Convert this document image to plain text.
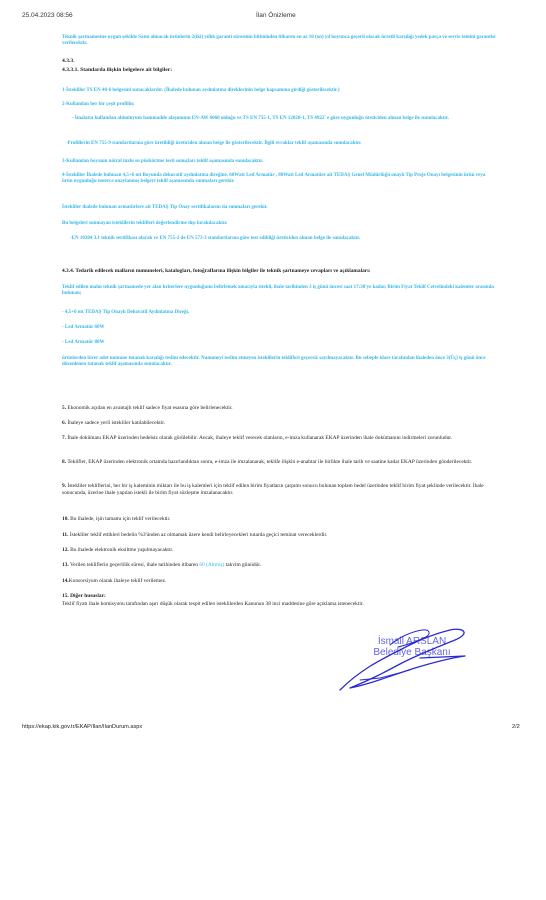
25.04.2023 08:56	İlan Önizleme
Teknik şartnamesine uygun şekilde Satın alınacak ürünlerin 2(iki) yıllık garanti süresinin bitiminden itibaren en az 10 (on) yıl boyunca geçerli olacak ücretli karşılığı yedek parça ve servis temini garantisi verilecektir.
4.3.3.
4.3.3.1. Standarda ilişkin belgelere ait bilgiler:
1-İstekliler TS EN 40-6 belgesini sunacaklardır. (İhalede bulunan aydınlatma direklerinin belge kapsamına girdiği gösterilecektir.)
2-Kullanılan her bir çeşit profilin;
- İmalatta kullanılan alüminyum hammadde alaşımının EN-AW 6060 olduğu ve TS EN 755-1, TS EN 12020-1, TS 4922' e göre uygunluğu üreticiden alınan belge ile sunulacaktır.
-Profillerin EN 755-9 standartlarına göre üretildiği üreticiden alınan belge ile gösterilecektir. İlgili evraklar teklif aşamasında sunulacaktır.
3-Kullanılan boyanın nötral tuzlu su püskürtme testi sonuçları teklif aşamasında sunulacaktır.
4-İstekliler İhalede bulunan 4,5+6 mt Boyunda dekoratif aydınlatma direğine, 60Watt Led Armatür , 80Watt Led Armatüre ait TEDAŞ Genel Müdürlüğü onaylı Tip Proje Onayı belgesinin ürün veya ürün uygunluğu noterce onaylanmış belgeyi teklif aşamasında sunmaları gerekir.
İstekliler ihalede bulunan armatürlere ait TEDAŞ Tip Onay sertifikalarını da sunmaları gerekir.
Bu belgeleri sunmayan isteklilerin teklifleri değerlendirme dışı bırakılacaktır.
-EN 10204 3.1 teknik sertifikası olarak ve EN 755-2 de EN 573-3 standartlarına göre test edildiği üreticiden alınan belge ile sunulacaktır.
4.3.4. Tedarik edilecek malların numuneleri, katalogları, fotoğraflarına ilişkin bilgiler ile teknik şartnameye cevapları ve açıklamaları:
Teklif edilen malın teknik şartnamede yer alan kriterlere uygunluğunu belirlemek amacıyla istekli, ihale tarihinden 3 iş günü öncesi saat 17:30'ye kadar, Birim Fiyat Teklif Cetvelindeki kalemler arasında bulunan;
- 4,5+6 mt TEDAŞ Tip Onaylı Dekoratif Aydınlatma Direği,
- Led Armatür 60W
- Led Armatür 80W
ürünlerden birer adet numune tutanak karşılığı teslim edecektir. Numuneyi teslim etmeyen isteklilerin teklifleri geçersiz sayılmayacaktır. Bu sebeple idare tarafından ihaleden önce 3(Üç) iş günü önce düzenlenen tutanak teklif aşamasında sunulacaktır.
5. Ekonomik açıdan en avantajlı teklif sadece fiyat esasına göre belirlenecektir.
6. İhaleye sadece yerli istekliler katılabilecektir.
7. İhale dokümanı EKAP üzerinden bedelsiz olarak görülebilir. Ancak, ihaleye teklif verecek olanların, e-imza kullanarak EKAP üzerinden ihale dokümanını indirmeleri zorunludur.
8. Teklifler, EKAP üzerinden elektronik ortamda hazırlandıktan sonra, e-imza ile imzalanarak, teklife ilişkin e-anahtar ile birlikte ihale tarih ve saatine kadar EKAP üzerinden gönderilecektir.
9. İstekliler tekliflerini, her bir iş kaleminin miktarı ile bu iş kalemleri için teklif edilen birim fiyatların çarpımı sonucu bulunan toplam bedel üzerinden teklif birim fiyat şeklinde verilecektir. İhale sonucunda, üzerine ihale yapılan istekli ile birim fiyat sözleşme imzalanacaktır.
10. Bu ihalede, işin tamamı için teklif verilecektir.
11. İstekliler teklif ettikleri bedelin %3'ünden az olmamak üzere kendi belirleyecekleri tutarda geçici teminat vereceklerdir.
12. Bu ihalede elektronik eksiltme yapılmayacaktır.
13. Verilen tekliflerin geçerlilik süresi, ihale tarihinden itibaren 60 (Altmış) takvim günüdür.
14.Konsorsiyum olarak ihaleye teklif verilemez.
15. Diğer hususlar:
Teklif fiyatı ihale komisyonu tarafından aşırı düşük olarak tespit edilen isteklilerden Kanunun 38 inci maddesine göre açıklama istenecektir.
İsmail ARSLAN
Belediye Başkanı
https://ekap.kik.gov.tr/EKAP/Ilan/IlanDurum.aspx	2/2
